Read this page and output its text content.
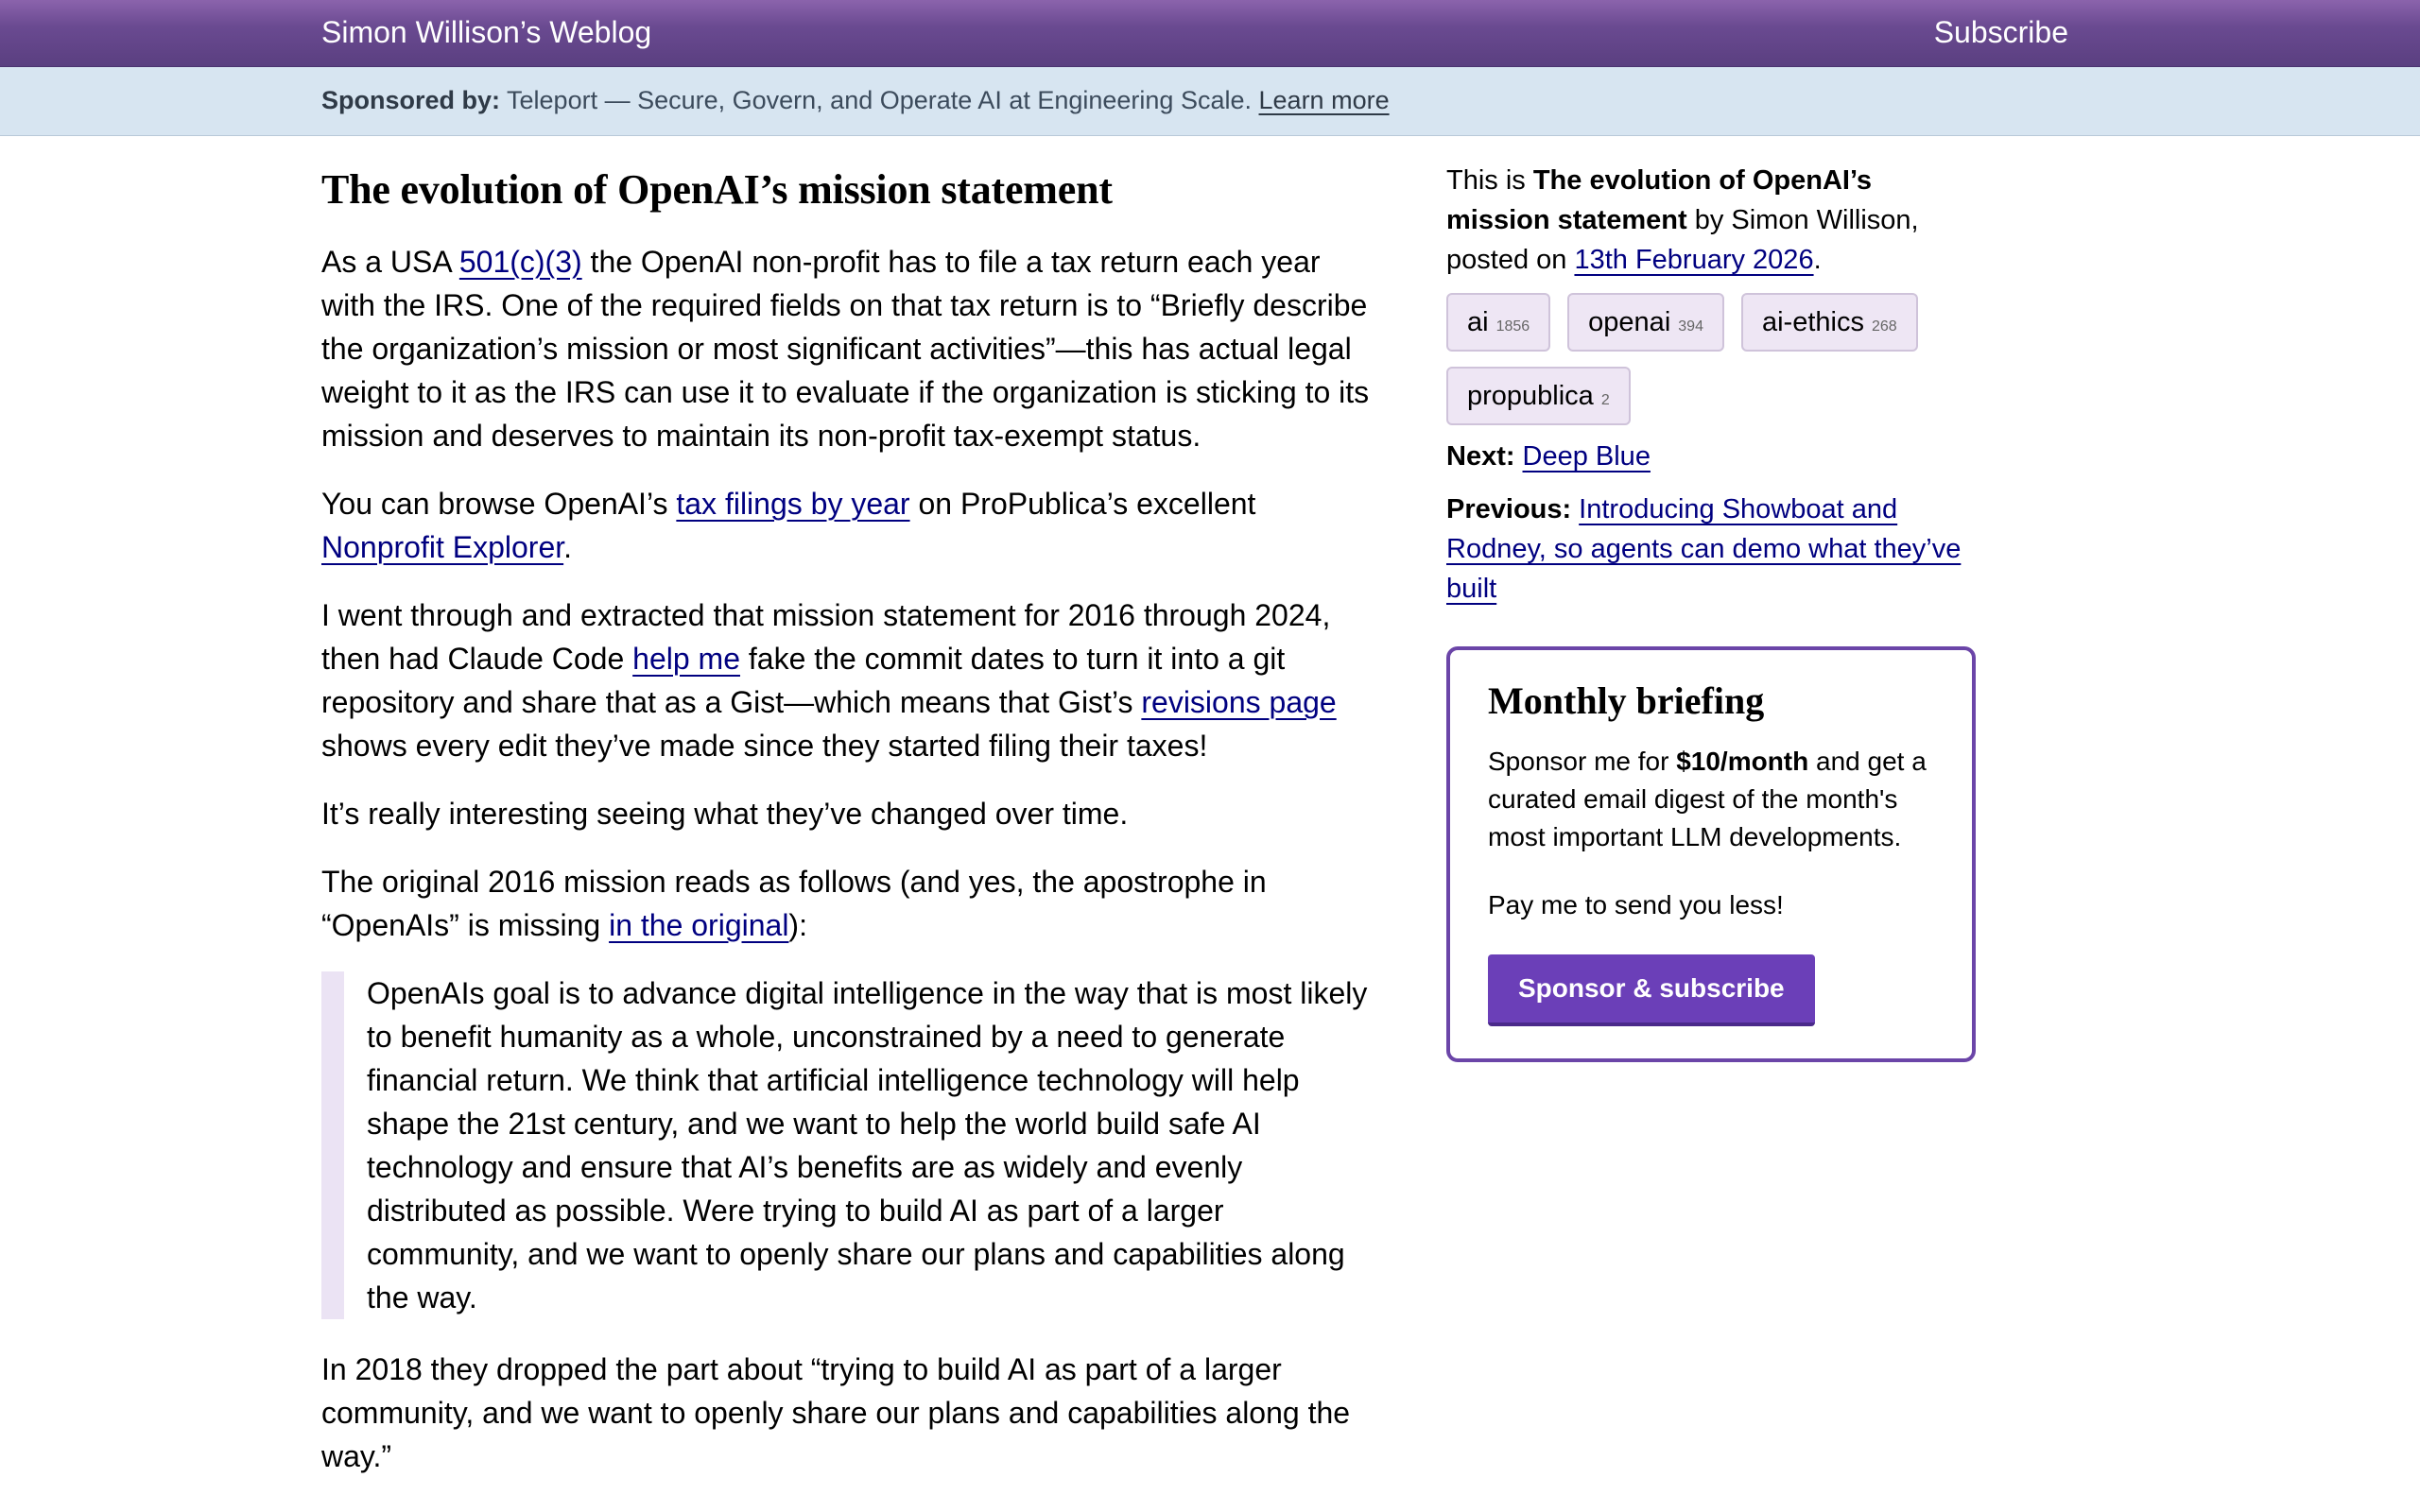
Simon Willison’s Weblog	Subscribe
Sponsored by: Teleport — Secure, Govern, and Operate AI at Engineering Scale. Learn more
The evolution of OpenAI’s mission statement

As a USA 501(c)(3) the OpenAI non-profit has to file a tax return each year with the IRS. One of the required fields on that tax return is to “Briefly describe the organization’s mission or most significant activities”—this has actual legal weight to it as the IRS can use it to evaluate if the organization is sticking to its mission and deserves to maintain its non-profit tax-exempt status.

You can browse OpenAI’s tax filings by year on ProPublica’s excellent Nonprofit Explorer.

I went through and extracted that mission statement for 2016 through 2024, then had Claude Code help me fake the commit dates to turn it into a git repository and share that as a Gist—which means that Gist’s revisions page shows every edit they’ve made since they started filing their taxes!

It’s really interesting seeing what they’ve changed over time.

The original 2016 mission reads as follows (and yes, the apostrophe in “OpenAIs” is missing in the original):

OpenAIs goal is to advance digital intelligence in the way that is most likely to benefit humanity as a whole, unconstrained by a need to generate financial return. We think that artificial intelligence technology will help shape the 21st century, and we want to help the world build safe AI technology and ensure that AI’s benefits are as widely and evenly distributed as possible. Were trying to build AI as part of a larger community, and we want to openly share our plans and capabilities along the way.

In 2018 they dropped the part about “trying to build AI as part of a larger community, and we want to openly share our plans and capabilities along the way.”

This is The evolution of OpenAI’s mission statement by Simon Willison, posted on 13th February 2026.

ai 1856	openai 394	ai-ethics 268
propublica 2

Next: Deep Blue

Previous: Introducing Showboat and Rodney, so agents can demo what they’ve built

Monthly briefing

Sponsor me for $10/month and get a curated email digest of the month's most important LLM developments.

Pay me to send you less!

Sponsor & subscribe
